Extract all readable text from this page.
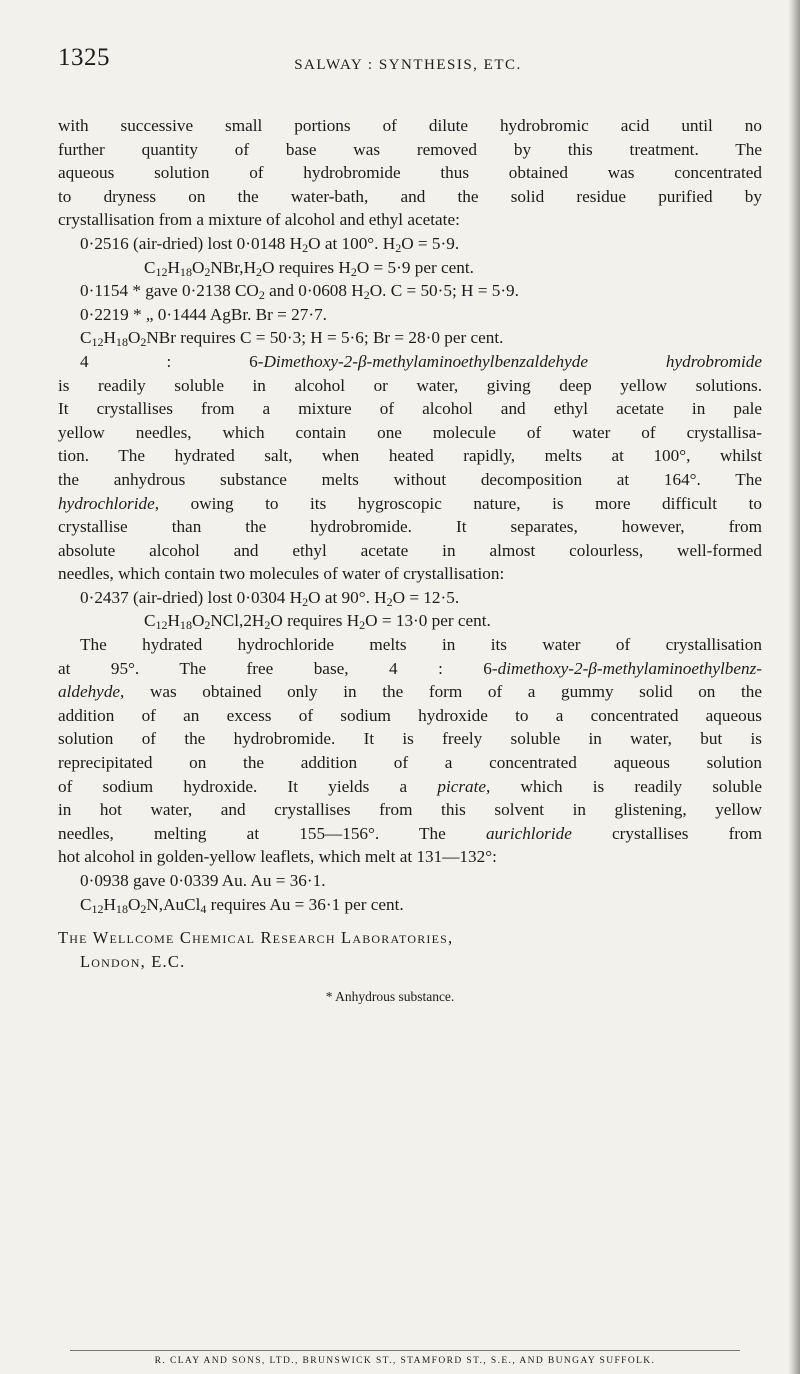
1325	SALWAY : SYNTHESIS, ETC.
with successive small portions of dilute hydrobromic acid until no
further quantity of base was removed by this treatment. The
aqueous solution of hydrobromide thus obtained was concentrated
to dryness on the water-bath, and the solid residue purified by
crystallisation from a mixture of alcohol and ethyl acetate:
0·2516 (air-dried) lost 0·0148 $H_2O$ at 100°. $H_2O = 5\cdot 9$.
$C_{12}H_{18}O_2NBr,H_2O$ requires $H_2O = 5\cdot 9$ per cent.
0·1154 * gave 0·2138 $CO_2$ and 0·0608 $H_2O$. C = 50·5; H = 5·9.
0·2219 * „ 0·1444 AgBr. Br = 27·7.
$C_{12}H_{18}O_2NBr$ requires C = 50·3; H = 5·6; Br = 28·0 per cent.
4 : 6-Dimethoxy-2-β-methylaminoethylbenzaldehyde hydrobromide
is readily soluble in alcohol or water, giving deep yellow solutions.
It crystallises from a mixture of alcohol and ethyl acetate in pale
yellow needles, which contain one molecule of water of crystallisa-
tion. The hydrated salt, when heated rapidly, melts at 100°, whilst
the anhydrous substance melts without decomposition at 164°. The
hydrochloride, owing to its hygroscopic nature, is more difficult to
crystallise than the hydrobromide. It separates, however, from
absolute alcohol and ethyl acetate in almost colourless, well-formed
needles, which contain two molecules of water of crystallisation:
0·2437 (air-dried) lost 0·0304 $H_2O$ at 90°. $H_2O = 12\cdot 5$.
$C_{12}H_{18}O_2NCl,2H_2O$ requires $H_2O = 13\cdot 0$ per cent.
The hydrated hydrochloride melts in its water of crystallisation
at 95°. The free base, 4 : 6-dimethoxy-2-β-methylaminoethylbenz-
aldehyde, was obtained only in the form of a gummy solid on the
addition of an excess of sodium hydroxide to a concentrated aqueous
solution of the hydrobromide. It is freely soluble in water, but is
reprecipitated on the addition of a concentrated aqueous solution
of sodium hydroxide. It yields a picrate, which is readily soluble
in hot water, and crystallises from this solvent in glistening, yellow
needles, melting at 155—156°. The aurichloride crystallises from
hot alcohol in golden-yellow leaflets, which melt at 131—132°:
0·0938 gave 0·0339 Au. Au = 36·1.
$C_{12}H_{18}O_2N,AuCl_4$ requires Au = 36·1 per cent.
The Wellcome Chemical Research Laboratories,
London, E.C.
* Anhydrous substance.
R. CLAY AND SONS, LTD., BRUNSWICK ST., STAMFORD ST., S.E., AND BUNGAY SUFFOLK.
